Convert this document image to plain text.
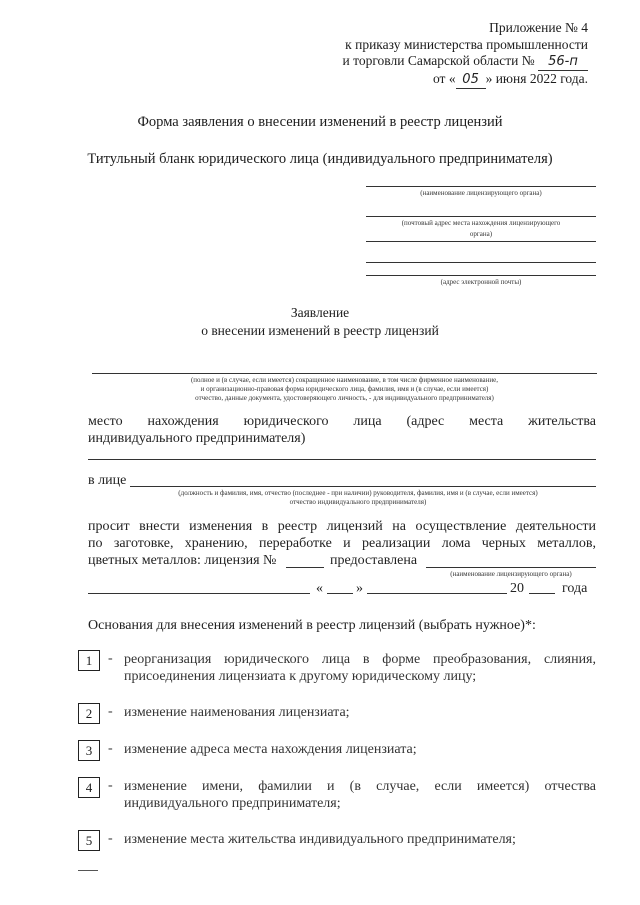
Приложение № 4
к приказу министерства промышленности
и торговли Самарской области № 56-п
от « 05 » июня 2022 года.
Форма заявления о внесении изменений в реестр лицензий
Титульный бланк юридического лица (индивидуального предпринимателя)
(наименование лицензирующего органа)
(почтовый адрес места нахождения лицензирующего
органа)
(адрес электронной почты)
Заявление
о внесении изменений в реестр лицензий
(полное и (в случае, если имеется) сокращенное наименование, в том числе фирменное наименование,
и организационно-правовая форма юридического лица, фамилия, имя и (в случае, если имеется)
отчество, данные документа, удостоверяющего личность, - для индивидуального предпринимателя)
место нахождения юридического лица (адрес места жительства
индивидуального предпринимателя)
в лице
(должность и фамилия, имя, отчество (последнее - при наличии) руководителя, фамилия, имя и (в случае, если имеется)
отчество индивидуального предпринимателя)
просит внести изменения в реестр лицензий на осуществление деятельности
по заготовке, хранению, переработке и реализации лома черных металлов,
цветных металлов: лицензия №	предоставлена
(наименование лицензирующего органа)
« »	20	года
Основания для внесения изменений в реестр лицензий (выбрать нужное)*:
1	- реорганизация юридического лица в форме преобразования, слияния,
присоединения лицензиата к другому юридическому лицу;
2	- изменение наименования лицензиата;
3	- изменение адреса места нахождения лицензиата;
4	- изменение имени, фамилии и (в случае, если имеется) отчества
индивидуального предпринимателя;
5	- изменение места жительства индивидуального предпринимателя;
